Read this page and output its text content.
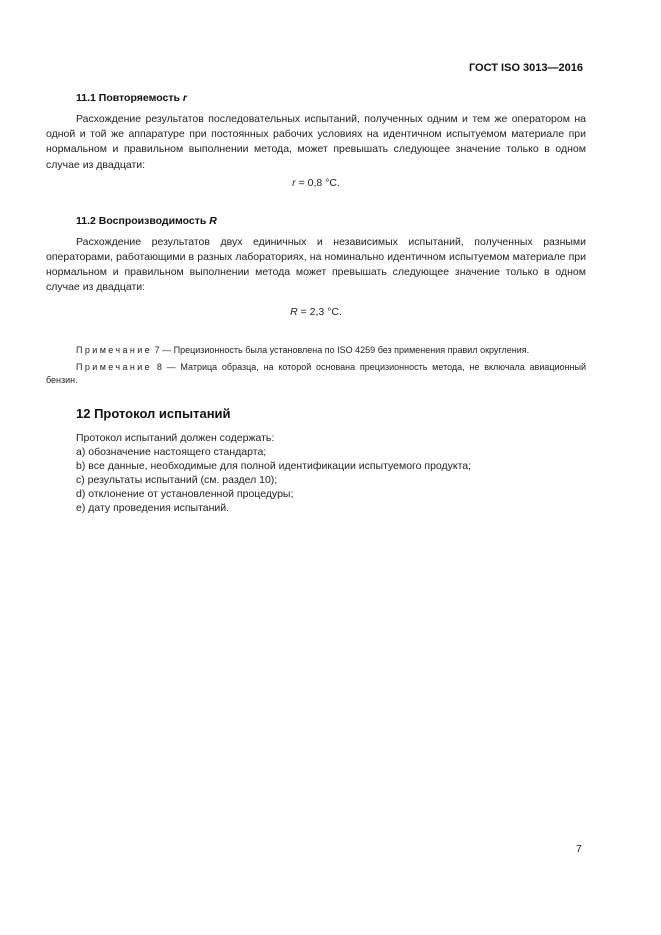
ГОСТ ISO 3013—2016
11.1 Повторяемость r

Расхождение результатов последовательных испытаний, полученных одним и тем же оператором на одной и той же аппаратуре при постоянных рабочих условиях на идентичном испытуемом материале при нормальном и правильном выполнении метода, может превышать следующее значение только в одном случае из двадцати:

r = 0,8 °С.
11.2 Воспроизводимость R

Расхождение результатов двух единичных и независимых испытаний, полученных разными операторами, работающими в разных лабораториях, на номинально идентичном испытуемом материале при нормальном и правильном выполнении метода может превышать следующее значение только в одном случае из двадцати:

R = 2,3 °С.

Примечание 7 — Прецизионность была установлена по ISO 4259 без применения правил округления.

Примечание 8 — Матрица образца, на которой основана прецизионность метода, не включала авиационный бензин.

12 Протокол испытаний
Протокол испытаний должен содержать:
a) обозначение настоящего стандарта;
b) все данные, необходимые для полной идентификации испытуемого продукта;
c) результаты испытаний (см. раздел 10);
d) отклонение от установленной процедуры;
e) дату проведения испытаний.
7
